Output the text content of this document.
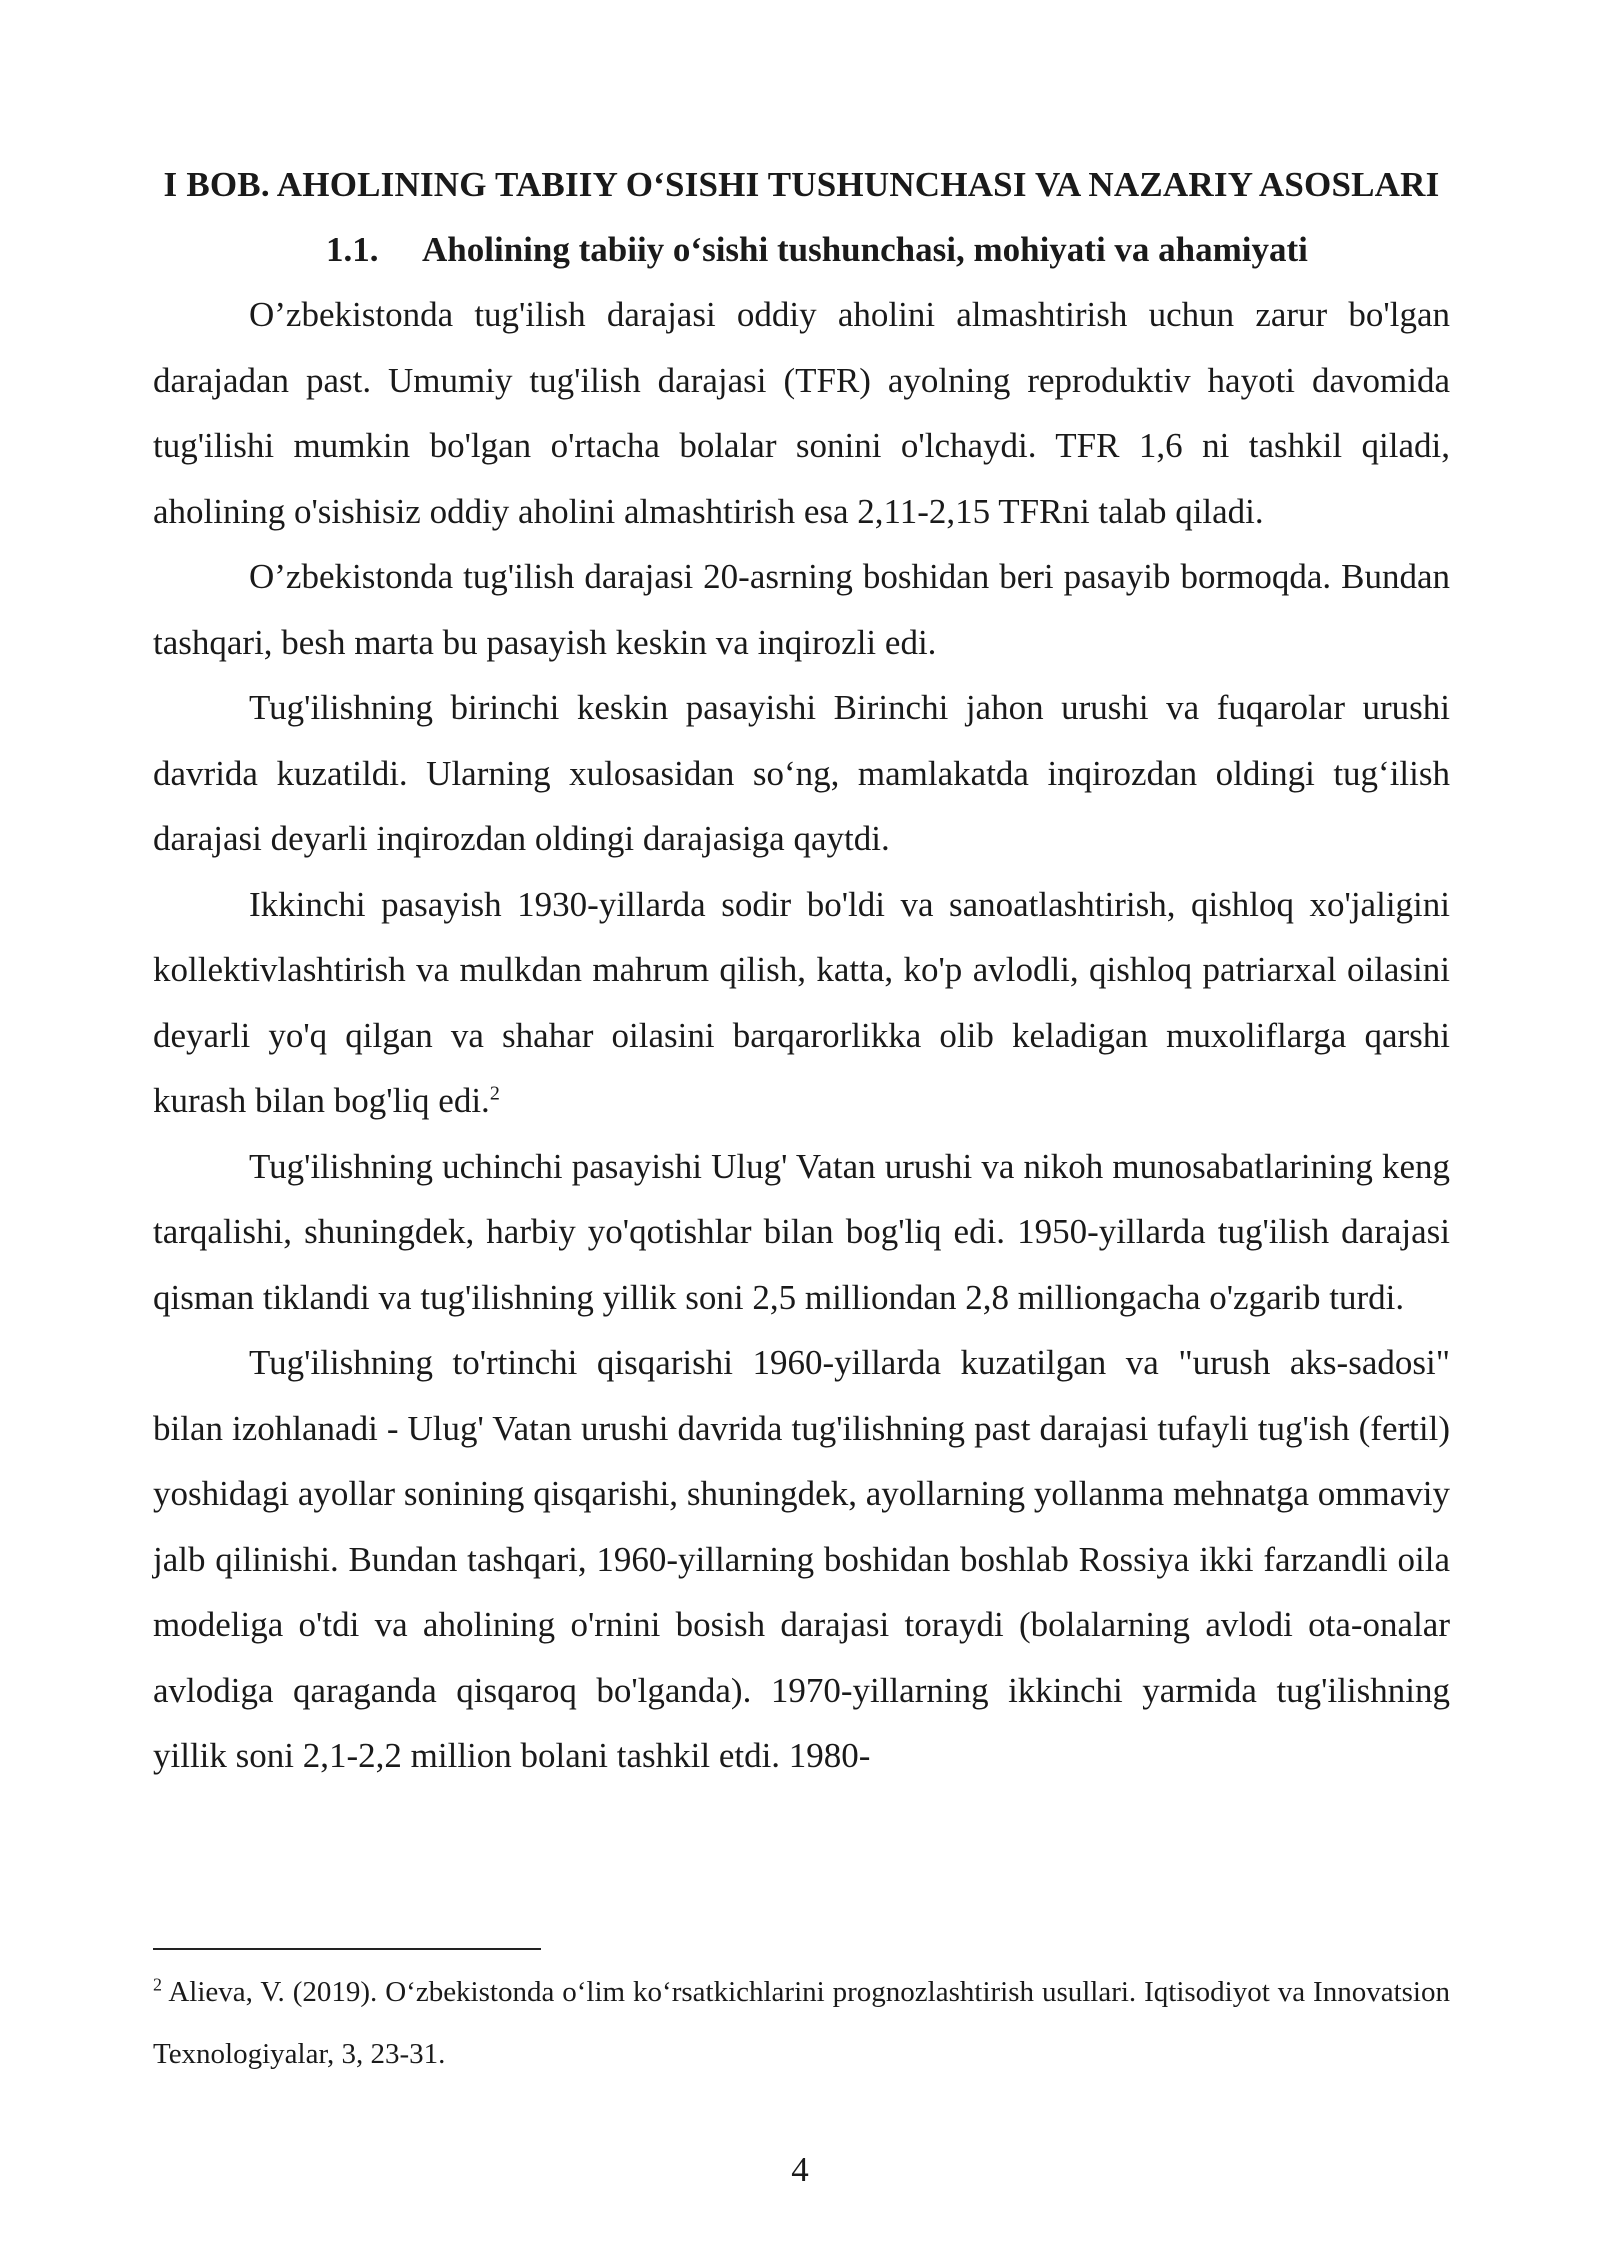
I BOB. AHOLINING TABIIY O‘SISHI TUSHUNCHASI VA NAZARIY ASOSLARI
1.1. Aholining tabiiy o‘sishi tushunchasi, mohiyati va ahamiyati

O’zbekistonda tug'ilish darajasi oddiy aholini almashtirish uchun zarur bo'lgan darajadan past. Umumiy tug'ilish darajasi (TFR) ayolning reproduktiv hayoti davomida tug'ilishi mumkin bo'lgan o'rtacha bolalar sonini o'lchaydi. TFR 1,6 ni tashkil qiladi, aholining o'sishisiz oddiy aholini almashtirish esa 2,11-2,15 TFRni talab qiladi.

O’zbekistonda tug'ilish darajasi 20-asrning boshidan beri pasayib bormoqda. Bundan tashqari, besh marta bu pasayish keskin va inqirozli edi.

Tug'ilishning birinchi keskin pasayishi Birinchi jahon urushi va fuqarolar urushi davrida kuzatildi. Ularning xulosasidan so‘ng, mamlakatda inqirozdan oldingi tug‘ilish darajasi deyarli inqirozdan oldingi darajasiga qaytdi.

Ikkinchi pasayish 1930-yillarda sodir bo'ldi va sanoatlashtirish, qishloq xo'jaligini kollektivlashtirish va mulkdan mahrum qilish, katta, ko'p avlodli, qishloq patriarxal oilasini deyarli yo'q qilgan va shahar oilasini barqarorlikka olib keladigan muxoliflarga qarshi kurash bilan bog'liq edi.$^2$

Tug'ilishning uchinchi pasayishi Ulug' Vatan urushi va nikoh munosabatlarining keng tarqalishi, shuningdek, harbiy yo'qotishlar bilan bog'liq edi. 1950-yillarda tug'ilish darajasi qisman tiklandi va tug'ilishning yillik soni 2,5 milliondan 2,8 milliongacha o'zgarib turdi.

Tug'ilishning to'rtinchi qisqarishi 1960-yillarda kuzatilgan va "urush aks-sadosi" bilan izohlanadi - Ulug' Vatan urushi davrida tug'ilishning past darajasi tufayli tug'ish (fertil) yoshidagi ayollar sonining qisqarishi, shuningdek, ayollarning yollanma mehnatga ommaviy jalb qilinishi. Bundan tashqari, 1960-yillarning boshidan boshlab Rossiya ikki farzandli oila modeliga o'tdi va aholining o'rnini bosish darajasi toraydi (bolalarning avlodi ota-onalar avlodiga qaraganda qisqaroq bo'lganda). 1970-yillarning ikkinchi yarmida tug'ilishning yillik soni 2,1-2,2 million bolani tashkil etdi. 1980-

$^2$ Alieva, V. (2019). O‘zbekistonda o‘lim ko‘rsatkichlarini prognozlashtirish usullari. Iqtisodiyot va Innovatsion Texnologiyalar, 3, 23-31.

4
